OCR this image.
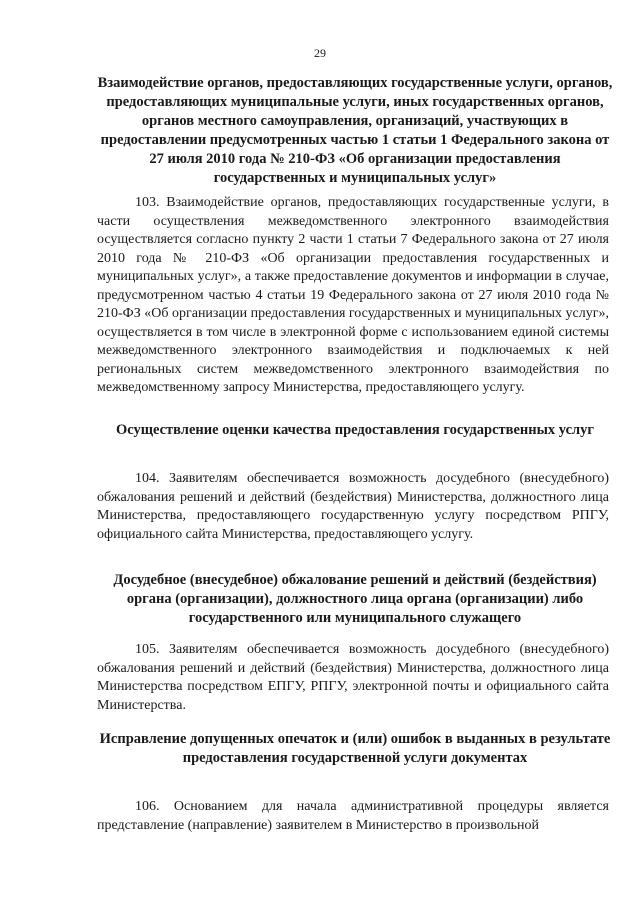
29
Взаимодействие органов, предоставляющих государственные услуги, органов, предоставляющих муниципальные услуги, иных государственных органов, органов местного самоуправления, организаций, участвующих в предоставлении предусмотренных частью 1 статьи 1 Федерального закона от 27 июля 2010 года № 210-ФЗ «Об организации предоставления государственных и муниципальных услуг»
103. Взаимодействие органов, предоставляющих государственные услуги, в части осуществления межведомственного электронного взаимодействия осуществляется согласно пункту 2 части 1 статьи 7 Федерального закона от 27 июля 2010 года № 210-ФЗ «Об организации предоставления государственных и муниципальных услуг», а также предоставление документов и информации в случае, предусмотренном частью 4 статьи 19 Федерального закона от 27 июля 2010 года № 210-ФЗ «Об организации предоставления государственных и муниципальных услуг», осуществляется в том числе в электронной форме с использованием единой системы межведомственного электронного взаимодействия и подключаемых к ней региональных систем межведомственного электронного взаимодействия по межведомственному запросу Министерства, предоставляющего услугу.
Осуществление оценки качества предоставления государственных услуг
104. Заявителям обеспечивается возможность досудебного (внесудебного) обжалования решений и действий (бездействия) Министерства, должностного лица Министерства, предоставляющего государственную услугу посредством РПГУ, официального сайта Министерства, предоставляющего услугу.
Досудебное (внесудебное) обжалование решений и действий (бездействия) органа (организации), должностного лица органа (организации) либо государственного или муниципального служащего
105. Заявителям обеспечивается возможность досудебного (внесудебного) обжалования решений и действий (бездействия) Министерства, должностного лица Министерства посредством ЕПГУ, РПГУ, электронной почты и официального сайта Министерства.
Исправление допущенных опечаток и (или) ошибок в выданных в результате предоставления государственной услуги документах
106. Основанием для начала административной процедуры является представление (направление) заявителем в Министерство в произвольной
